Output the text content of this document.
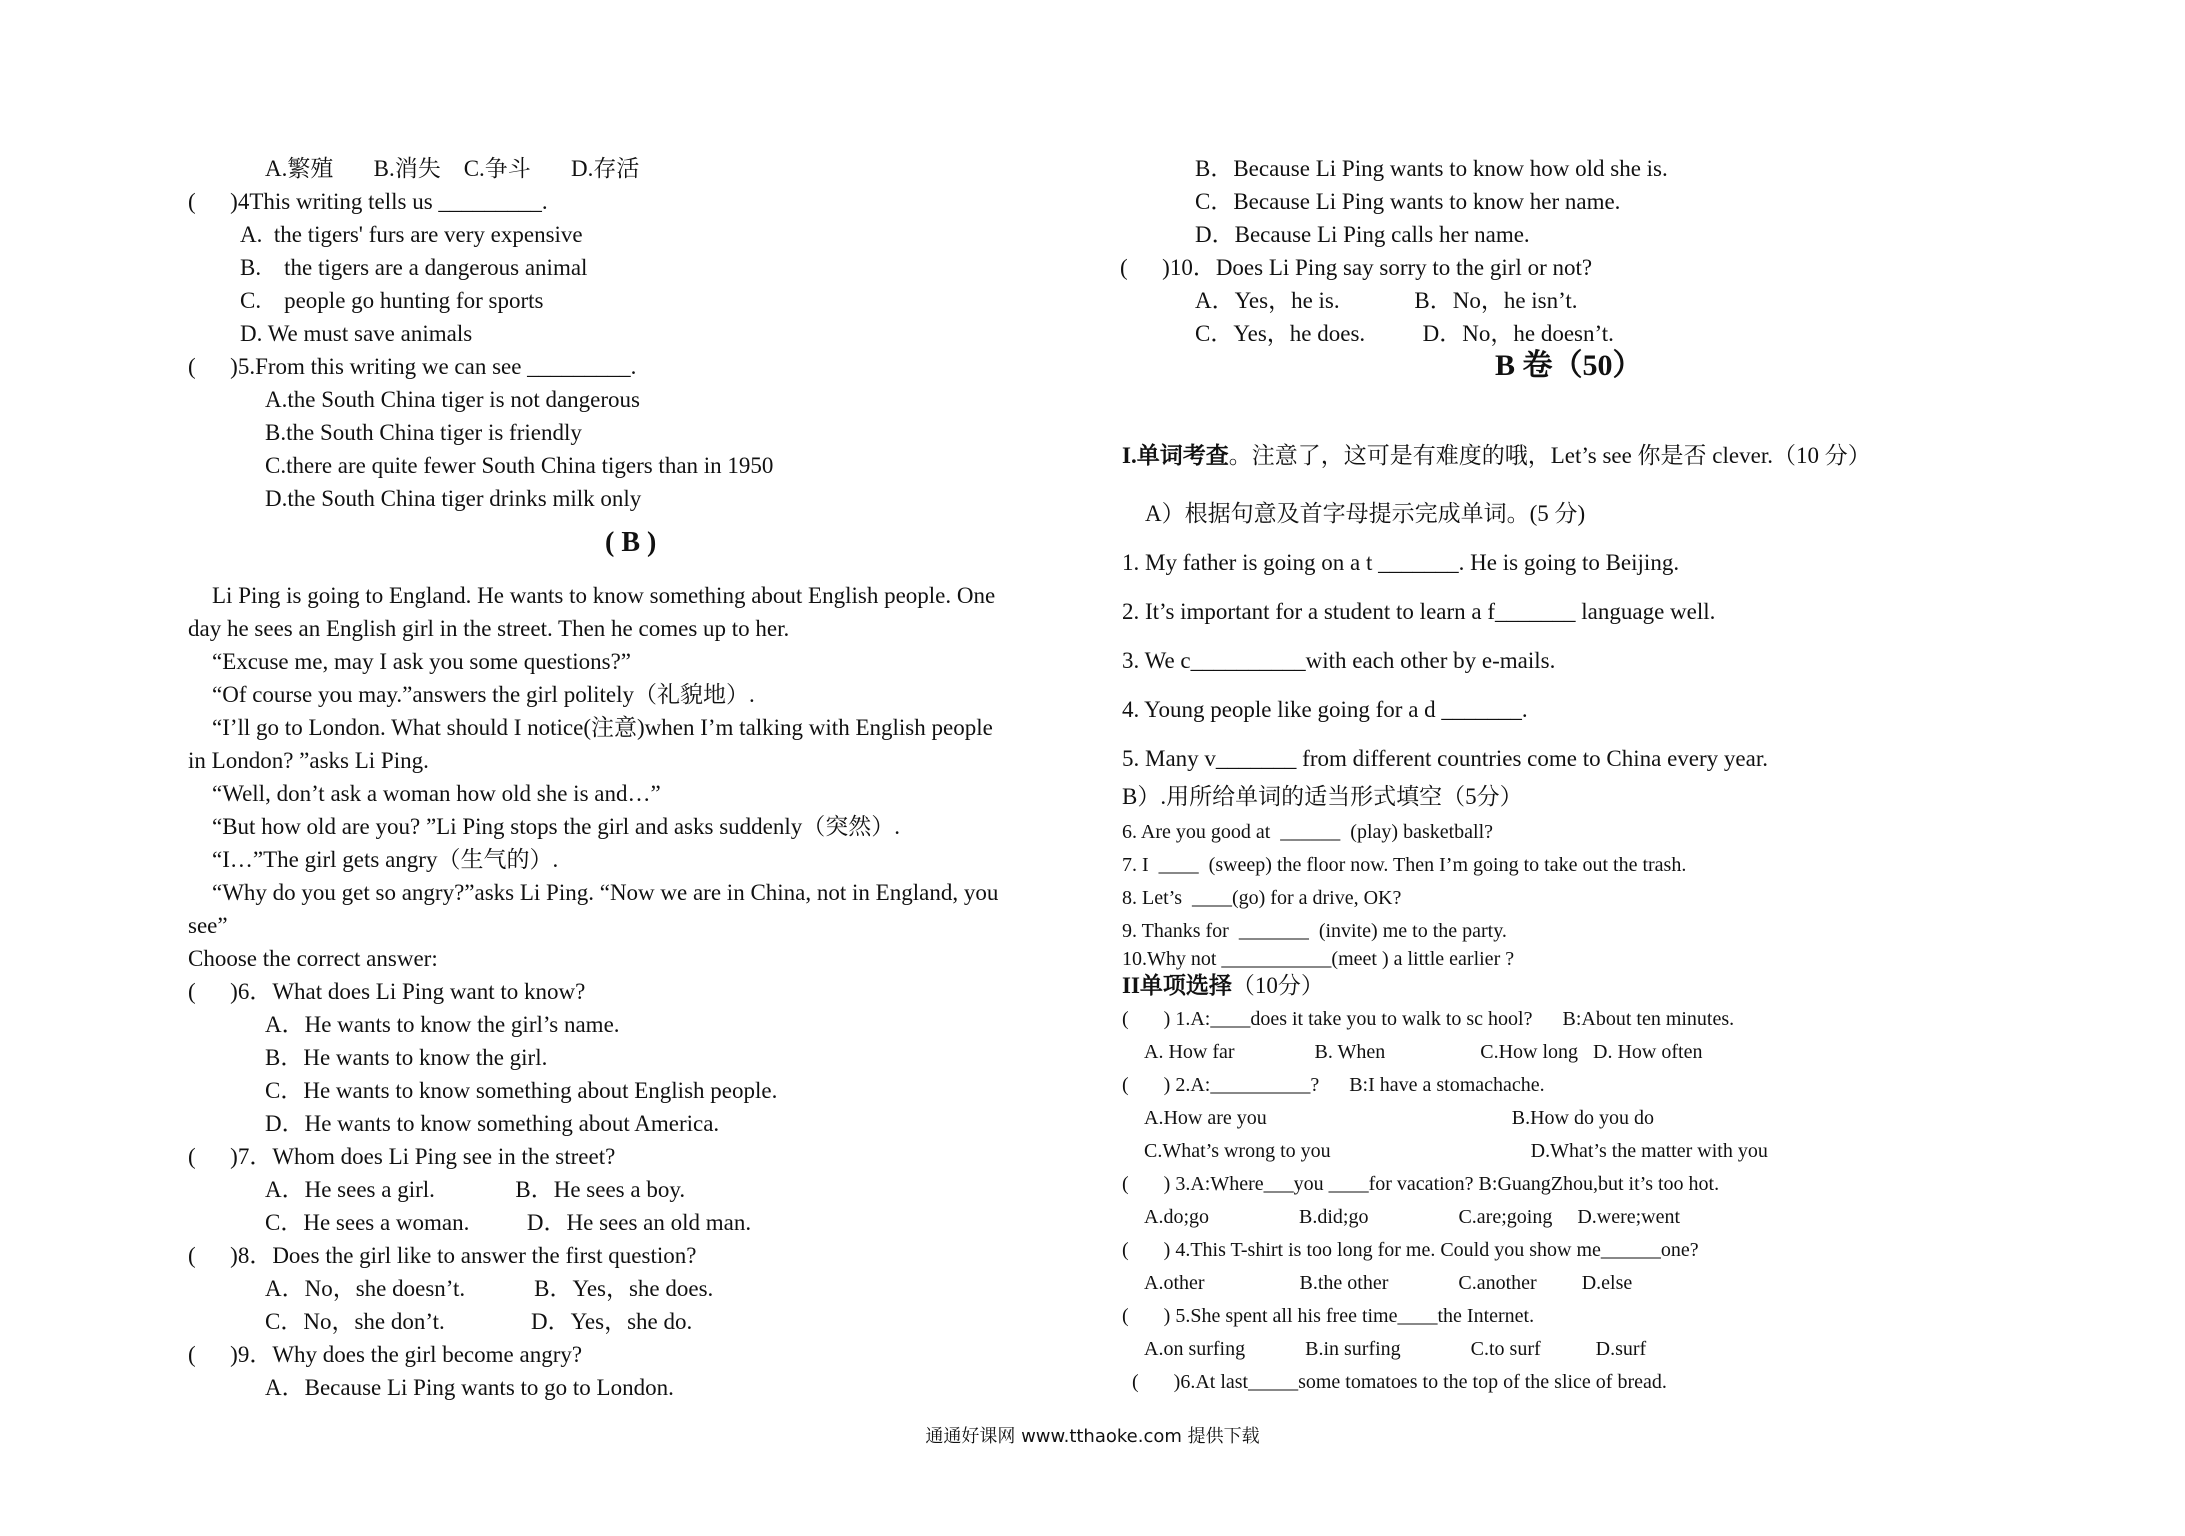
A.繁殖       B.消失    C.争斗       D.存活
(      )4This writing tells us _________.
A.  the tigers' furs are very expensive
B.    the tigers are a dangerous animal
C.    people go hunting for sports
D. We must save animals
(      )5.From this writing we can see _________.
A.the South China tiger is not dangerous
B.the South China tiger is friendly
C.there are quite fewer South China tigers than in 1950
D.the South China tiger drinks milk only
( B )
Li Ping is going to England. He wants to know something about English people. One
day he sees an English girl in the street. Then he comes up to her.
“Excuse me, may I ask you some questions?”
“Of course you may.”answers the girl politely（礼貌地）.
“I’ll go to London. What should I notice(注意)when I’m talking with English people
in London? ”asks Li Ping.
“Well, don’t ask a woman how old she is and…”
“But how old are you? ”Li Ping stops the girl and asks suddenly（突然）.
“I…”The girl gets angry（生气的）.
“Why do you get so angry?”asks Li Ping. “Now we are in China, not in England, you
see”
Choose the correct answer:
(      )6．What does Li Ping want to know?
A．He wants to know the girl’s name.
B．He wants to know the girl.
C．He wants to know something about English people.
D．He wants to know something about America.
(      )7．Whom does Li Ping see in the street?
A．He sees a girl.              B．He sees a boy.
C．He sees a woman.          D．He sees an old man.
(      )8．Does the girl like to answer the first question?
A．No，she doesn’t.            B．Yes，she does.
C．No，she don’t.               D．Yes，she do.
(      )9．Why does the girl become angry?
A．Because Li Ping wants to go to London.
B．Because Li Ping wants to know how old she is.
C．Because Li Ping wants to know her name.
D．Because Li Ping calls her name.
(      )10．Does Li Ping say sorry to the girl or not?
A．Yes，he is.             B．No，he isn’t.
C．Yes，he does.          D．No，he doesn’t.
B 卷（50）
I.单词考查。注意了，这可是有难度的哦，Let’s see 你是否 clever.（10 分）
A）根据句意及首字母提示完成单词。(5 分)
1. My father is going on a t _______. He is going to Beijing.
2. It’s important for a student to learn a f_______ language well.
3. We c__________with each other by e-mails.
4. Young people like going for a d _______.
5. Many v_______ from different countries come to China every year.
B）.用所给单词的适当形式填空（5分）
6. Are you good at  ______  (play) basketball?
7. I  ____  (sweep) the floor now. Then I’m going to take out the trash.
8. Let’s  ____(go) for a drive, OK?
9. Thanks for  _______  (invite) me to the party.
10.Why not ___________(meet ) a little earlier ?
II单项选择（10分）
(       ) 1.A:____does it take you to walk to sc hool?      B:About ten minutes.
A. How far                B. When                   C.How long   D. How often
(       ) 2.A:__________?      B:I have a stomachache.
A.How are you                                                 B.How do you do
C.What’s wrong to you                                        D.What’s the matter with you
(       ) 3.A:Where___you ____for vacation? B:GuangZhou,but it’s too hot.
A.do;go                  B.did;go                  C.are;going     D.were;went
(       ) 4.This T-shirt is too long for me. Could you show me______one?
A.other                   B.the other              C.another         D.else
(       ) 5.She spent all his free time____the Internet.
A.on surfing            B.in surfing              C.to surf           D.surf
(       )6.At last_____some tomatoes to the top of the slice of bread.
通通好课网 www.tthaoke.com 提供下载
